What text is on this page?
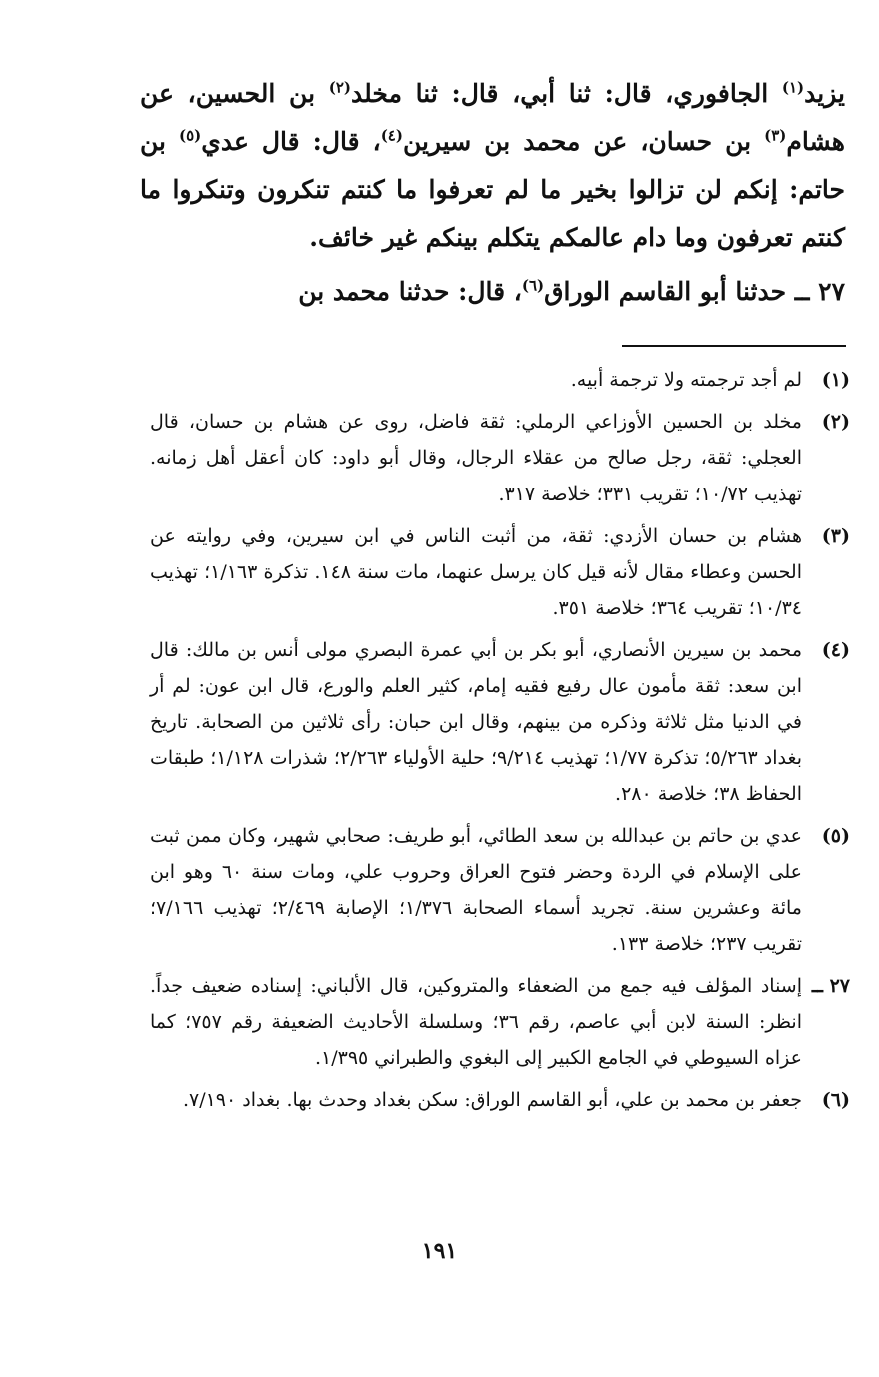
يزيد$^{(١)}$ الجافوري، قال: ثنا أبي، قال: ثنا مخلد$^{(٢)}$ بن الحسين، عن هشام$^{(٣)}$ بن حسان، عن محمد بن سيرين$^{(٤)}$، قال: قال عدي$^{(٥)}$ بن حاتم: إنكم لن تزالوا بخير ما لم تعرفوا ما كنتم تنكرون وتنكروا ما كنتم تعرفون وما دام عالمكم يتكلم بينكم غير خائف.

٢٧ ــ حدثنا أبو القاسم الوراق$^{(٦)}$، قال: حدثنا محمد بن

(١)
لم أجد ترجمته ولا ترجمة أبيه.
(٢)
مخلد بن الحسين الأوزاعي الرملي: ثقة فاضل، روى عن هشام بن حسان، قال العجلي: ثقة، رجل صالح من عقلاء الرجال، وقال أبو داود: كان أعقل أهل زمانه. تهذيب ١٠/٧٢؛ تقريب ٣٣١؛ خلاصة ٣١٧.
(٣)
هشام بن حسان الأزدي: ثقة، من أثبت الناس في ابن سيرين، وفي روايته عن الحسن وعطاء مقال لأنه قيل كان يرسل عنهما، مات سنة ١٤٨. تذكرة ١/١٦٣؛ تهذيب ١٠/٣٤؛ تقريب ٣٦٤؛ خلاصة ٣٥١.
(٤)
محمد بن سيرين الأنصاري، أبو بكر بن أبي عمرة البصري مولى أنس بن مالك: قال ابن سعد: ثقة مأمون عال رفيع فقيه إمام، كثير العلم والورع، قال ابن عون: لم أر في الدنيا مثل ثلاثة وذكره من بينهم، وقال ابن حبان: رأى ثلاثين من الصحابة. تاريخ بغداد ٥/٢٦٣؛ تذكرة ١/٧٧؛ تهذيب ٩/٢١٤؛ حلية الأولياء ٢/٢٦٣؛ شذرات ١/١٢٨؛ طبقات الحفاظ ٣٨؛ خلاصة ٢٨٠.
(٥)
عدي بن حاتم بن عبدالله بن سعد الطائي، أبو طريف: صحابي شهير، وكان ممن ثبت على الإسلام في الردة وحضر فتوح العراق وحروب علي، ومات سنة ٦٠ وهو ابن مائة وعشرين سنة. تجريد أسماء الصحابة ١/٣٧٦؛ الإصابة ٢/٤٦٩؛ تهذيب ٧/١٦٦؛ تقريب ٢٣٧؛ خلاصة ١٣٣.
٢٧ ــ
إسناد المؤلف فيه جمع من الضعفاء والمتروكين، قال الألباني: إسناده ضعيف جداً. انظر: السنة لابن أبي عاصم، رقم ٣٦؛ وسلسلة الأحاديث الضعيفة رقم ٧٥٧؛ كما عزاه السيوطي في الجامع الكبير إلى البغوي والطبراني ١/٣٩٥.
(٦)
جعفر بن محمد بن علي، أبو القاسم الوراق: سكن بغداد وحدث بها. بغداد ٧/١٩٠.
١٩١
